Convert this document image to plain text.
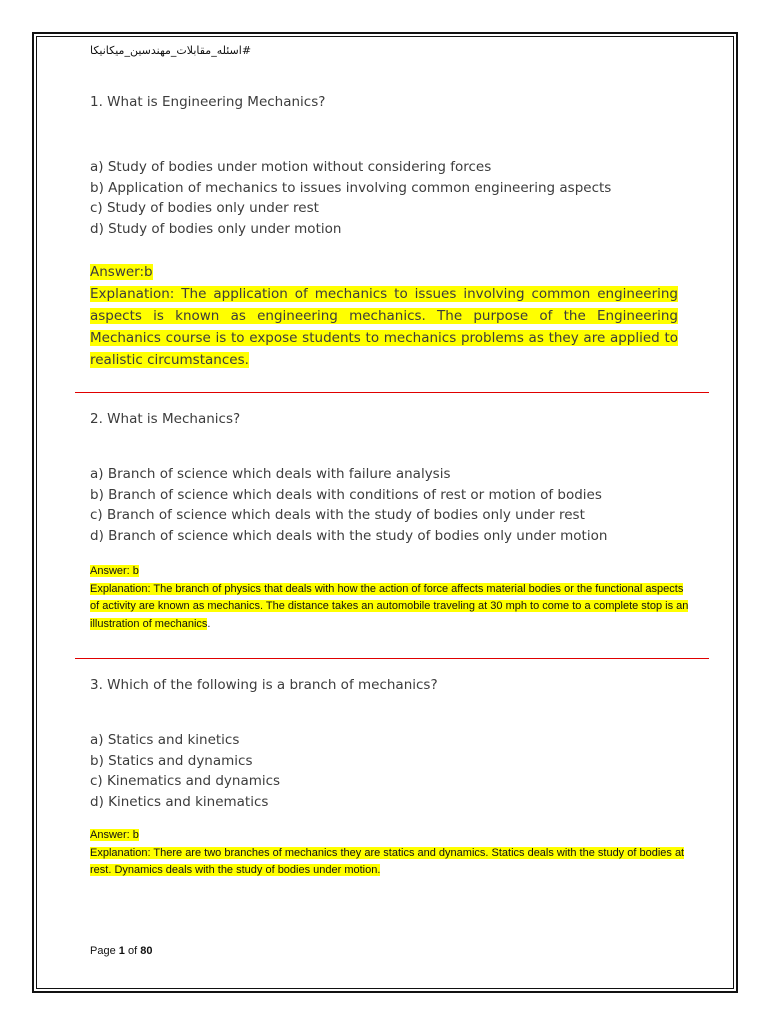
#اسئله_مقابلات_مهندسين_ميكانيكا
1. What is Engineering Mechanics?
a) Study of bodies under motion without considering forces
b) Application of mechanics to issues involving common engineering aspects
c) Study of bodies only under rest
d) Study of bodies only under motion
Answer:b
Explanation: The application of mechanics to issues involving common engineering aspects is known as engineering mechanics. The purpose of the Engineering Mechanics course is to expose students to mechanics problems as they are applied to realistic circumstances.
2. What is Mechanics?
a) Branch of science which deals with failure analysis
b) Branch of science which deals with conditions of rest or motion of bodies
c) Branch of science which deals with the study of bodies only under rest
d) Branch of science which deals with the study of bodies only under motion
Answer: b
Explanation: The branch of physics that deals with how the action of force affects material bodies or the functional aspects of activity are known as mechanics. The distance takes an automobile traveling at 30 mph to come to a complete stop is an illustration of mechanics.
3. Which of the following is a branch of mechanics?
a) Statics and kinetics
b) Statics and dynamics
c) Kinematics and dynamics
d) Kinetics and kinematics
Answer: b
Explanation: There are two branches of mechanics they are statics and dynamics. Statics deals with the study of bodies at rest. Dynamics deals with the study of bodies under motion.
Page 1 of 80
